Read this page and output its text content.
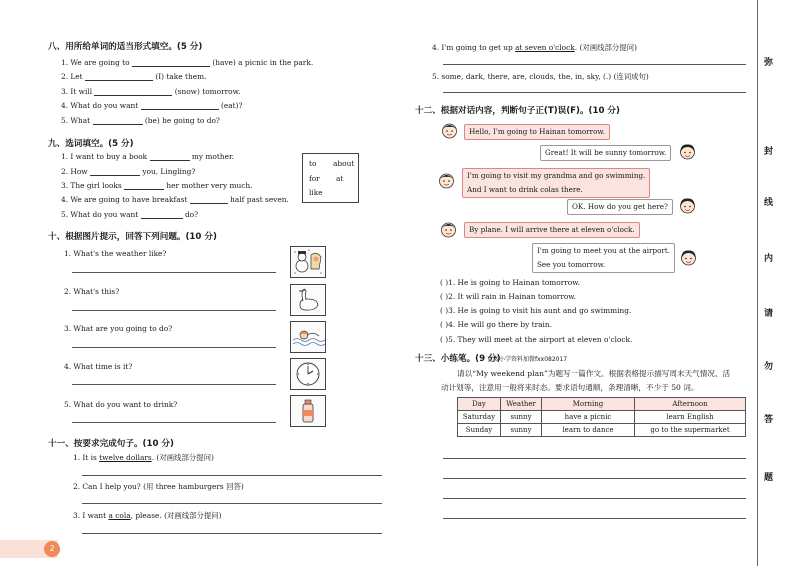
八、用所给单词的适当形式填空。(5 分)
1. We are going to	(have) a picnic in the park.
2. Let	(I) take them.
3. It will	(snow) tomorrow.
4. What do you want	(eat)?
5. What	(be) he going to do?
九、选词填空。(5 分)
1. I want to buy a book	my mother.
2. How	you, Lingling?
3. The girl looks	her mother very much.
4. We are going to have breakfast	half past seven.
5. What do you want	do?
to about
for at
like
十、根据图片提示，回答下列问题。(10 分)
1. What's the weather like?
2. What's this?
3. What are you going to do?
4. What time is it?
5. What do you want to drink?
十一、按要求完成句子。(10 分)
1. It is twelve dollars. (对画线部分提问)
2. Can I help you? (用 three hamburgers 回答)
3. I want a cola, please. (对画线部分提问)
4. I'm going to get up at seven o'clock. (对画线部分提问)
5. some, dark, there, are, clouds, the, in, sky, (.) (连词成句)
十二、根据对话内容，判断句子正(T)误(F)。(10 分)
Hello, I'm going to Hainan tomorrow.
Great! It will be sunny tomorrow.
I'm going to visit my grandma and go swimming.
And I want to drink colas there.
OK. How do you get here?
By plane. I will arrive there at eleven o'clock.
I'm going to meet you at the airport.
See you tomorrow.
( )1. He is going to Hainan tomorrow.
( )2. It will rain in Hainan tomorrow.
( )3. He is going to visit his aunt and go swimming.
( )4. He will go there by train.
( )5. They will meet at the airport at eleven o'clock.
十三、小练笔。(9 分)
更多小学资料加微fxx082017
请以“My weekend plan”为题写一篇作文。根据表格提示描写周末天气情况、活
动计划等，注意用一般将来时态。要求语句通顺，条理清晰，不少于 50 词。
Day	Weather	Morning	Afternoon
Saturday	sunny	have a picnic	learn English
Sunday	sunny	learn to dance	go to the supermarket
弥
封
线
内
请
勿
答
题
2
